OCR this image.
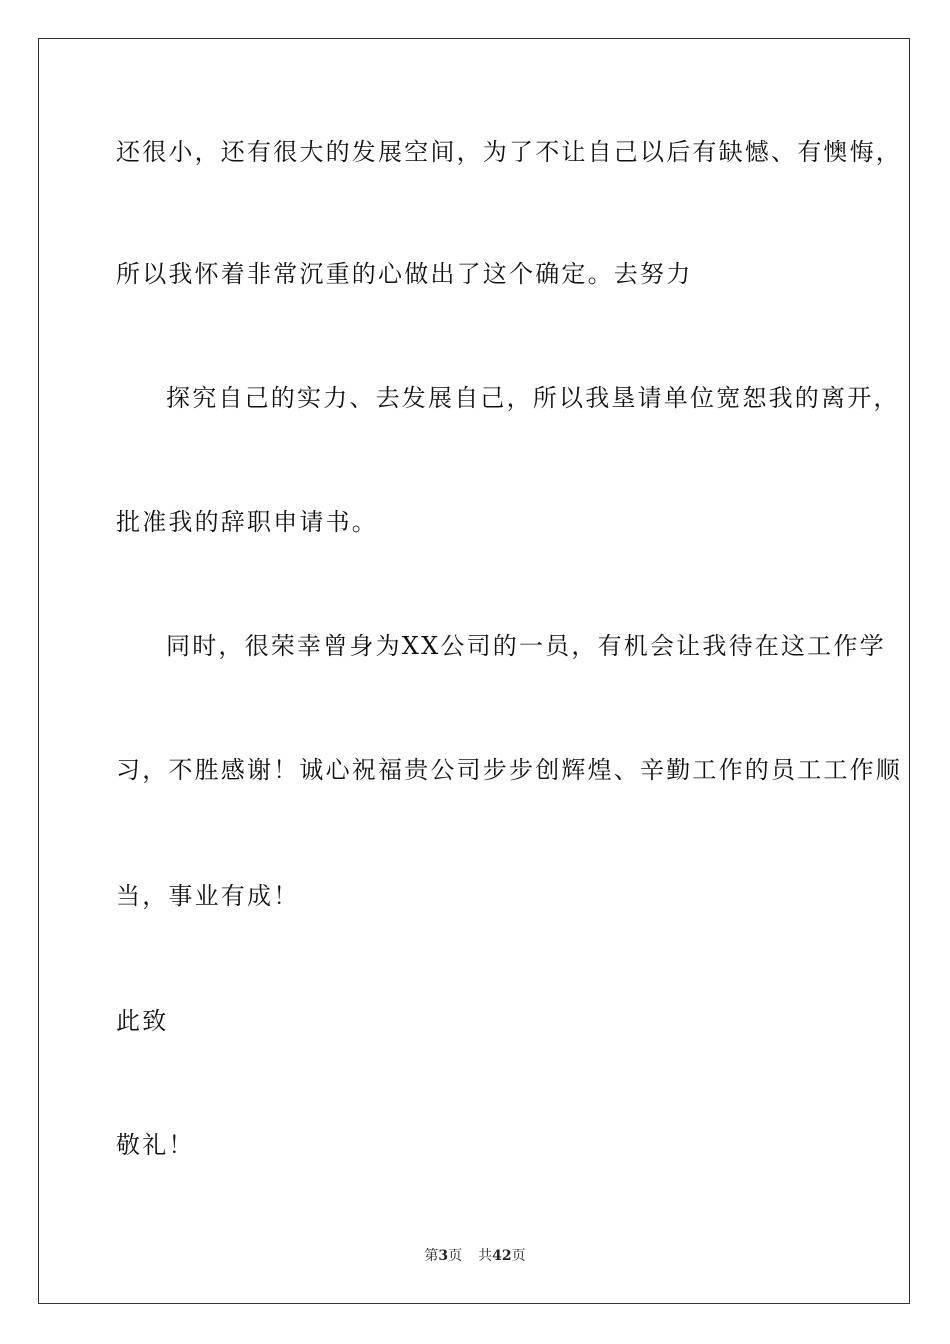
还很小，还有很大的发展空间，为了不让自己以后有缺憾、有懊悔，
所以我怀着非常沉重的心做出了这个确定。去努力
探究自己的实力、去发展自己，所以我垦请单位宽恕我的离开，
批准我的辞职申请书。
同时，很荣幸曾身为XX公司的一员，有机会让我待在这工作学
习，不胜感谢！诚心祝福贵公司步步创辉煌、辛勤工作的员工工作顺
当，事业有成！
此致
敬礼！
第3页 共42页
